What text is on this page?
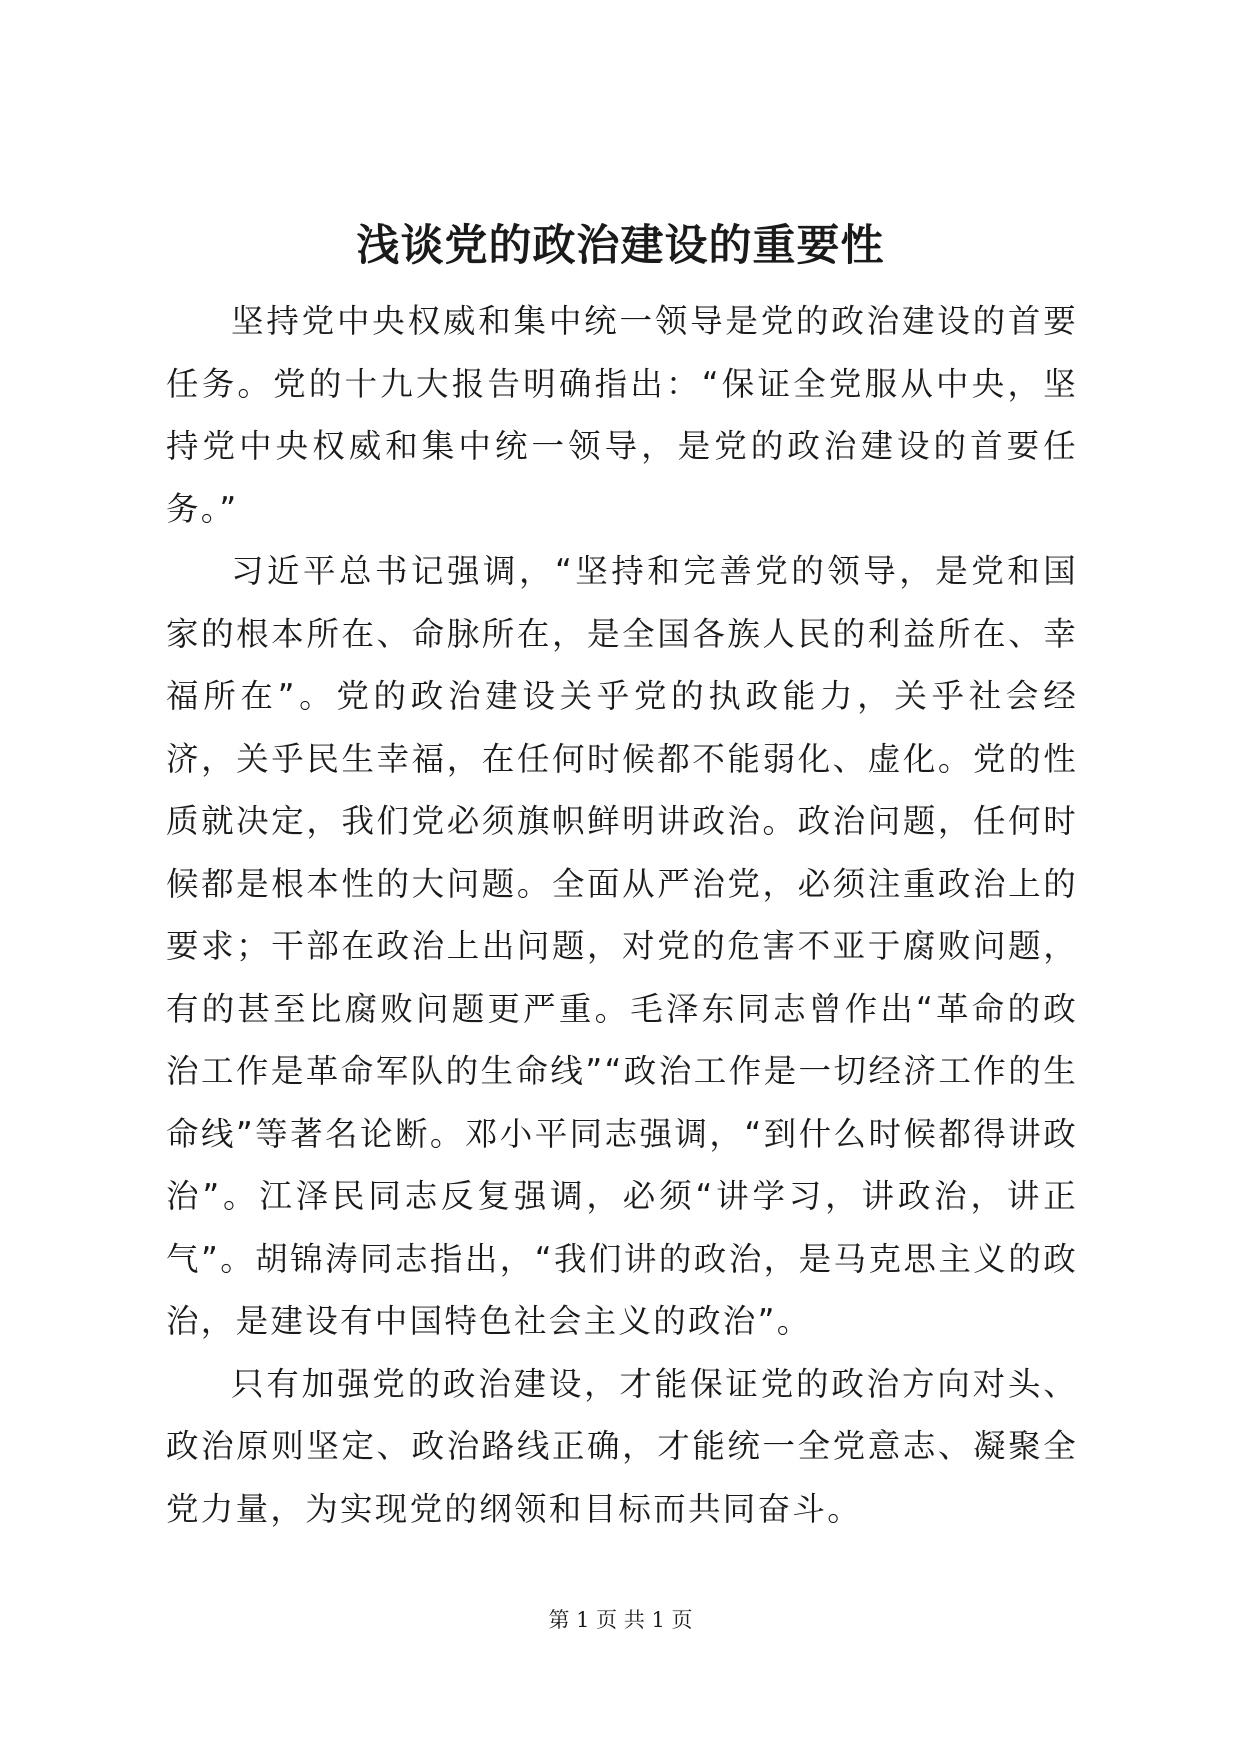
浅谈党的政治建设的重要性

坚持党中央权威和集中统一领导是党的政治建设的首要任务。党的十九大报告明确指出：“保证全党服从中央，坚持党中央权威和集中统一领导，是党的政治建设的首要任务。”

习近平总书记强调，“坚持和完善党的领导，是党和国家的根本所在、命脉所在，是全国各族人民的利益所在、幸福所在”。党的政治建设关乎党的执政能力，关乎社会经济，关乎民生幸福，在任何时候都不能弱化、虚化。党的性质就决定，我们党必须旗帜鲜明讲政治。政治问题，任何时候都是根本性的大问题。全面从严治党，必须注重政治上的要求；干部在政治上出问题，对党的危害不亚于腐败问题，有的甚至比腐败问题更严重。毛泽东同志曾作出“革命的政治工作是革命军队的生命线”“政治工作是一切经济工作的生命线”等著名论断。邓小平同志强调，“到什么时候都得讲政治”。江泽民同志反复强调，必须“讲学习，讲政治，讲正气”。胡锦涛同志指出，“我们讲的政治，是马克思主义的政治，是建设有中国特色社会主义的政治”。

只有加强党的政治建设，才能保证党的政治方向对头、政治原则坚定、政治路线正确，才能统一全党意志、凝聚全党力量，为实现党的纲领和目标而共同奋斗。

第 1 页 共 1 页
